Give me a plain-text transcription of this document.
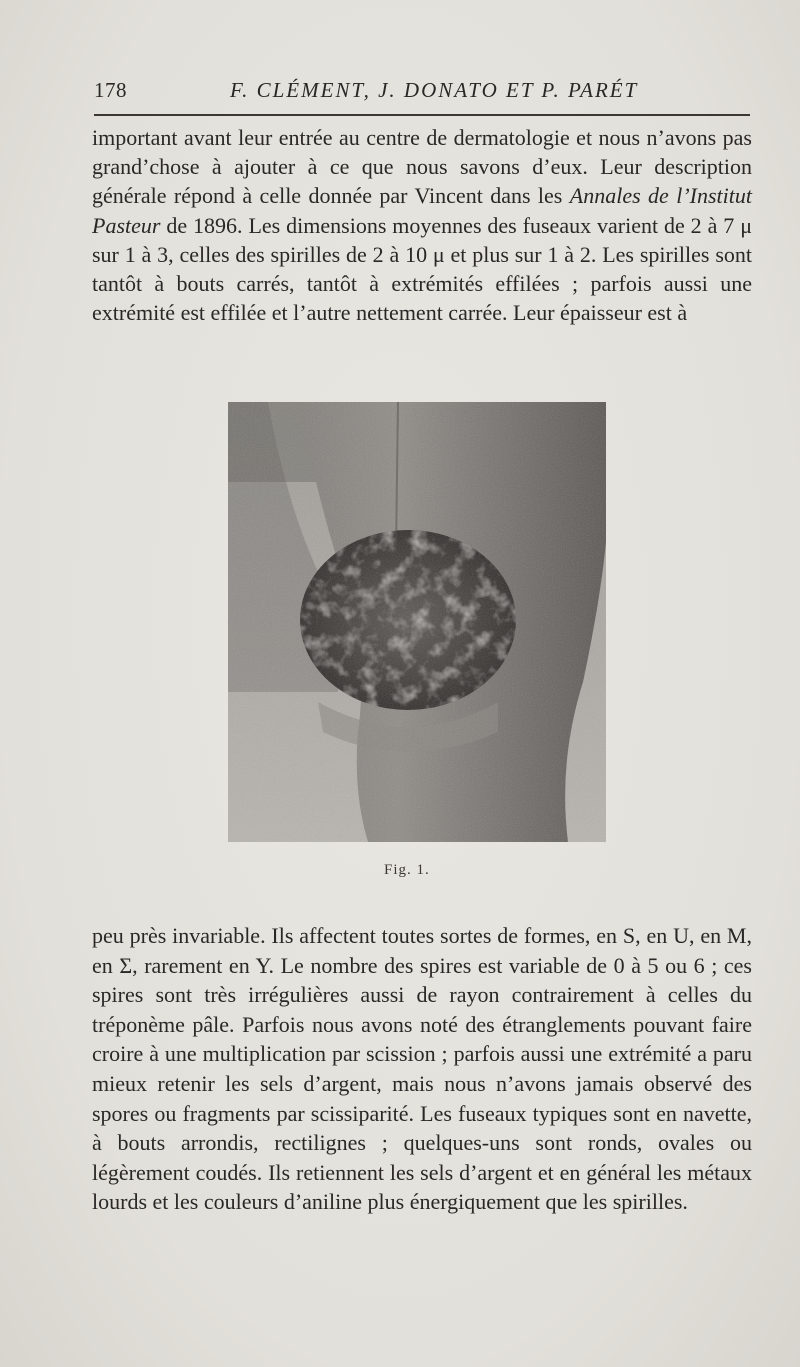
178	F. CLÉMENT, J. DONATO ET P. PARÉT

important avant leur entrée au centre de dermatologie et nous n’avons pas grand’chose à ajouter à ce que nous savons d’eux. Leur description générale répond à celle donnée par Vincent dans les Annales de l’Institut Pasteur de 1896. Les dimensions moyennes des fuseaux varient de 2 à 7 μ sur 1 à 3, celles des spirilles de 2 à 10 μ et plus sur 1 à 2. Les spirilles sont tantôt à bouts carrés, tantôt à extrémités effilées ; parfois aussi une extrémité est effilée et l’autre nettement carrée. Leur épaisseur est à

Fig. 1.

peu près invariable. Ils affectent toutes sortes de formes, en S, en U, en M, en Σ, rarement en Y. Le nombre des spires est variable de 0 à 5 ou 6 ; ces spires sont très irrégulières aussi de rayon contrairement à celles du tréponème pâle. Parfois nous avons noté des étranglements pouvant faire croire à une multiplication par scission ; parfois aussi une extrémité a paru mieux retenir les sels d’argent, mais nous n’avons jamais observé des spores ou fragments par scissiparité. Les fuseaux typiques sont en navette, à bouts arrondis, rectilignes ; quelques-uns sont ronds, ovales ou légèrement coudés. Ils retiennent les sels d’argent et en général les métaux lourds et les couleurs d’aniline plus énergiquement que les spirilles.
